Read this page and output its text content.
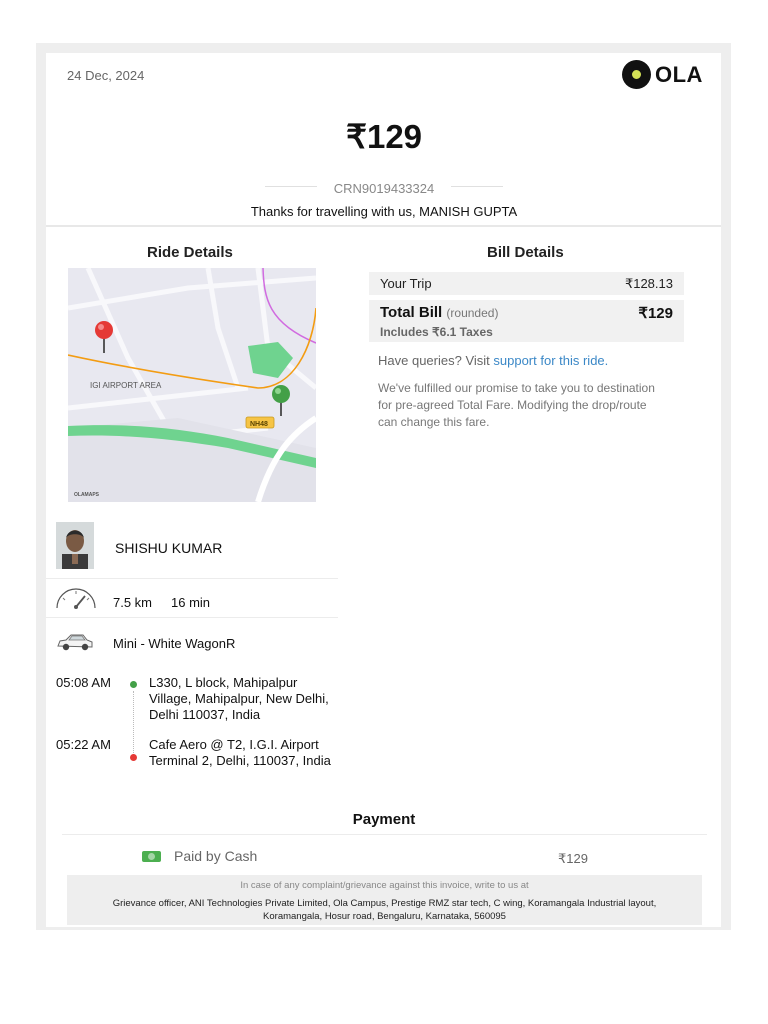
24 Dec, 2024	OLA
₹129
CRN9019433324
Thanks for travelling with us, MANISH GUPTA
Ride Details	Bill Details
NH48
IGI AIRPORT AREA
OLAMAPS
Your Trip	₹128.13
Total Bill (rounded)	₹129
Includes ₹6.1 Taxes
Have queries? Visit support for this ride.
We've fulfilled our promise to take you to destination for pre-agreed Total Fare. Modifying the drop/route can change this fare.
SHISHU KUMAR
7.5 km 16 min
Mini - White WagonR
05:08 AM	L330, L block, Mahipalpur Village, Mahipalpur, New Delhi, Delhi 110037, India
05:22 AM	Cafe Aero @ T2, I.G.I. Airport Terminal 2, Delhi, 110037, India
Payment
Paid by Cash	₹129
In case of any complaint/grievance against this invoice, write to us at
Grievance officer, ANI Technologies Private Limited, Ola Campus, Prestige RMZ star tech, C wing, Koramangala Industrial layout, Koramangala, Hosur road, Bengaluru, Karnataka, 560095
